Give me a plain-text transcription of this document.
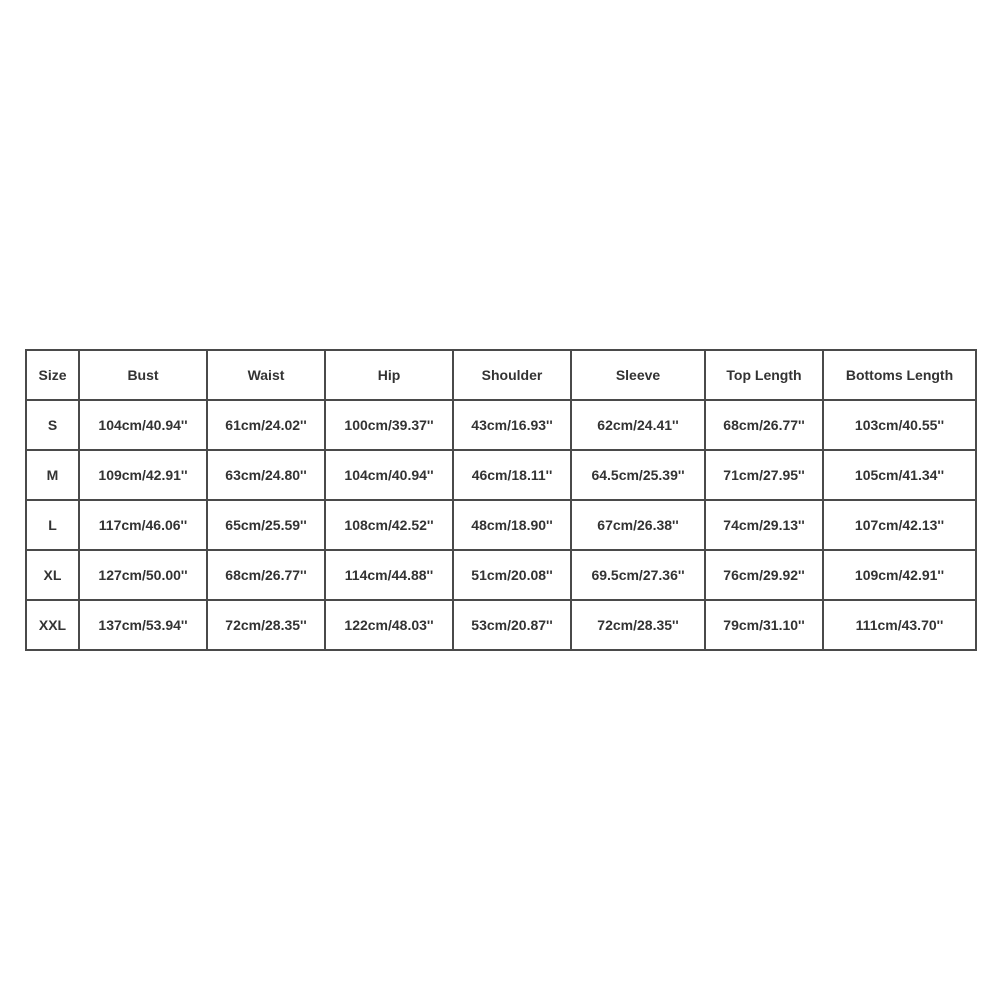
Size	Bust	Waist	Hip	Shoulder	Sleeve	Top Length	Bottoms Length
S	104cm/40.94''	61cm/24.02''	100cm/39.37''	43cm/16.93''	62cm/24.41''	68cm/26.77''	103cm/40.55''
M	109cm/42.91''	63cm/24.80''	104cm/40.94''	46cm/18.11''	64.5cm/25.39''	71cm/27.95''	105cm/41.34''
L	117cm/46.06''	65cm/25.59''	108cm/42.52''	48cm/18.90''	67cm/26.38''	74cm/29.13''	107cm/42.13''
XL	127cm/50.00''	68cm/26.77''	114cm/44.88''	51cm/20.08''	69.5cm/27.36''	76cm/29.92''	109cm/42.91''
XXL	137cm/53.94''	72cm/28.35''	122cm/48.03''	53cm/20.87''	72cm/28.35''	79cm/31.10''	111cm/43.70''
